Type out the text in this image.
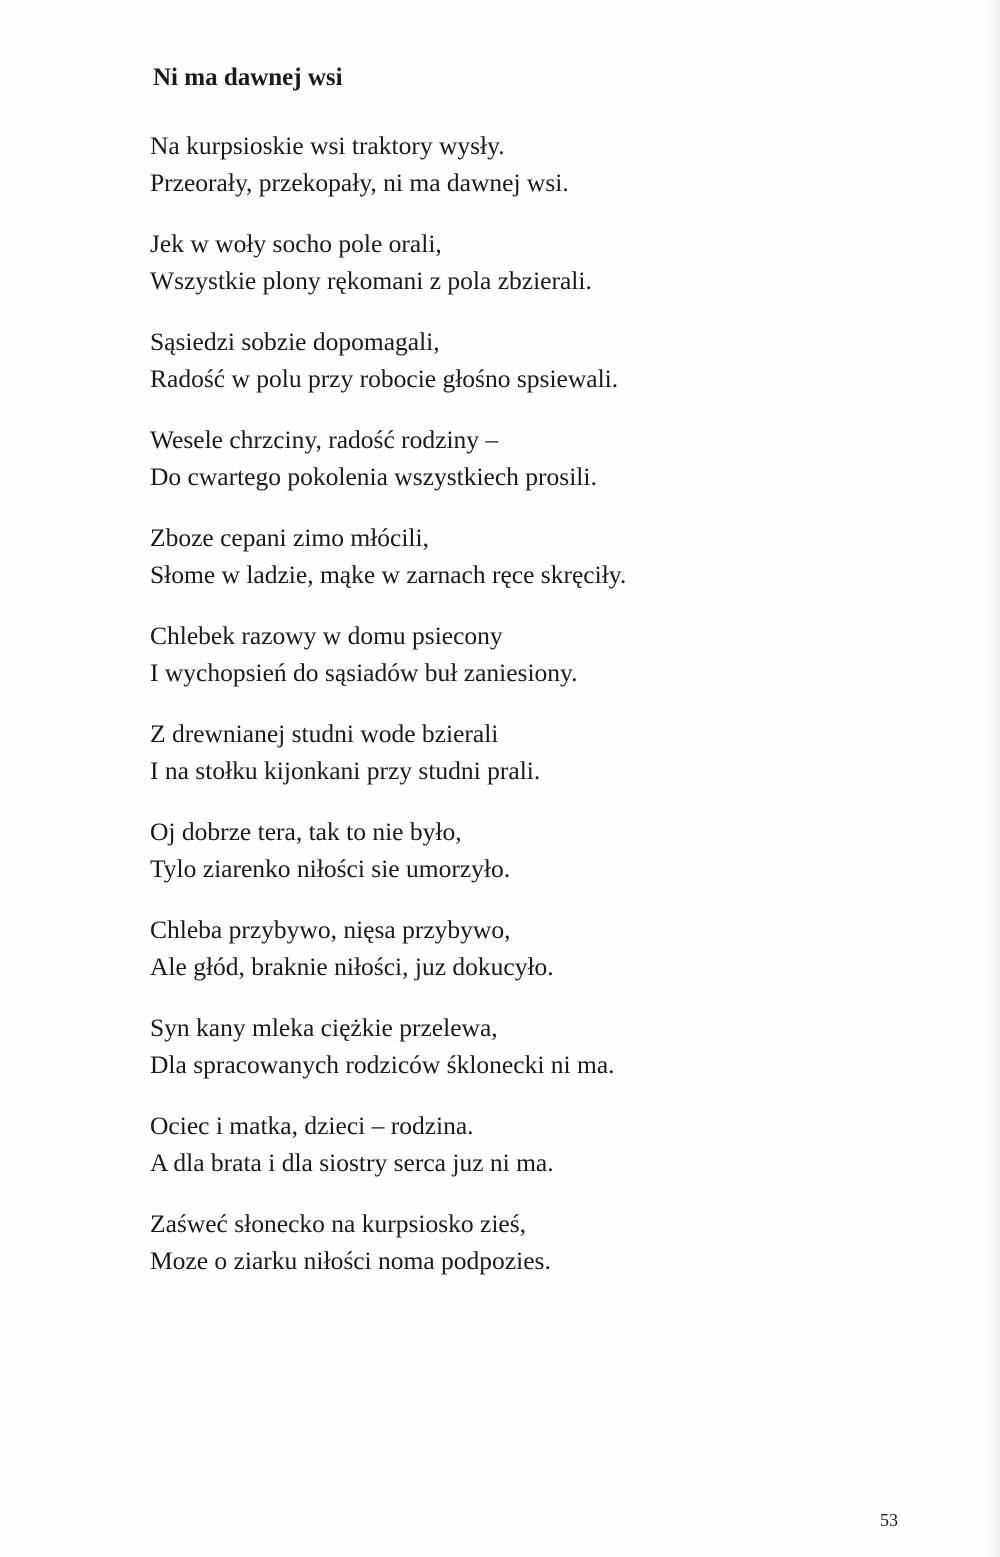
Ni ma dawnej wsi
Na kurpsioskie wsi traktory wysły.
Przeorały, przekopały, ni ma dawnej wsi.
Jek w woły socho pole orali,
Wszystkie plony rękomani z pola zbzierali.
Sąsiedzi sobzie dopomagali,
Radość w polu przy robocie głośno spsiewali.
Wesele chrzciny, radość rodziny –
Do cwartego pokolenia wszystkiech prosili.
Zboze cepani zimo młócili,
Słome w ladzie, mąke w zarnach ręce skręciły.
Chlebek razowy w domu psiecony
I wychopsień do sąsiadów buł zaniesiony.
Z drewnianej studni wode bzierali
I na stołku kijonkani przy studni prali.
Oj dobrze tera, tak to nie było,
Tylo ziarenko niłości sie umorzyło.
Chleba przybywo, nięsa przybywo,
Ale głód, braknie niłości, juz dokucyło.
Syn kany mleka ciężkie przelewa,
Dla spracowanych rodziców śklonecki ni ma.
Ociec i matka, dzieci – rodzina.
A dla brata i dla siostry serca juz ni ma.
Zaśweć słonecko na kurpsiosko zieś,
Moze o ziarku niłości noma podpozies.
53
